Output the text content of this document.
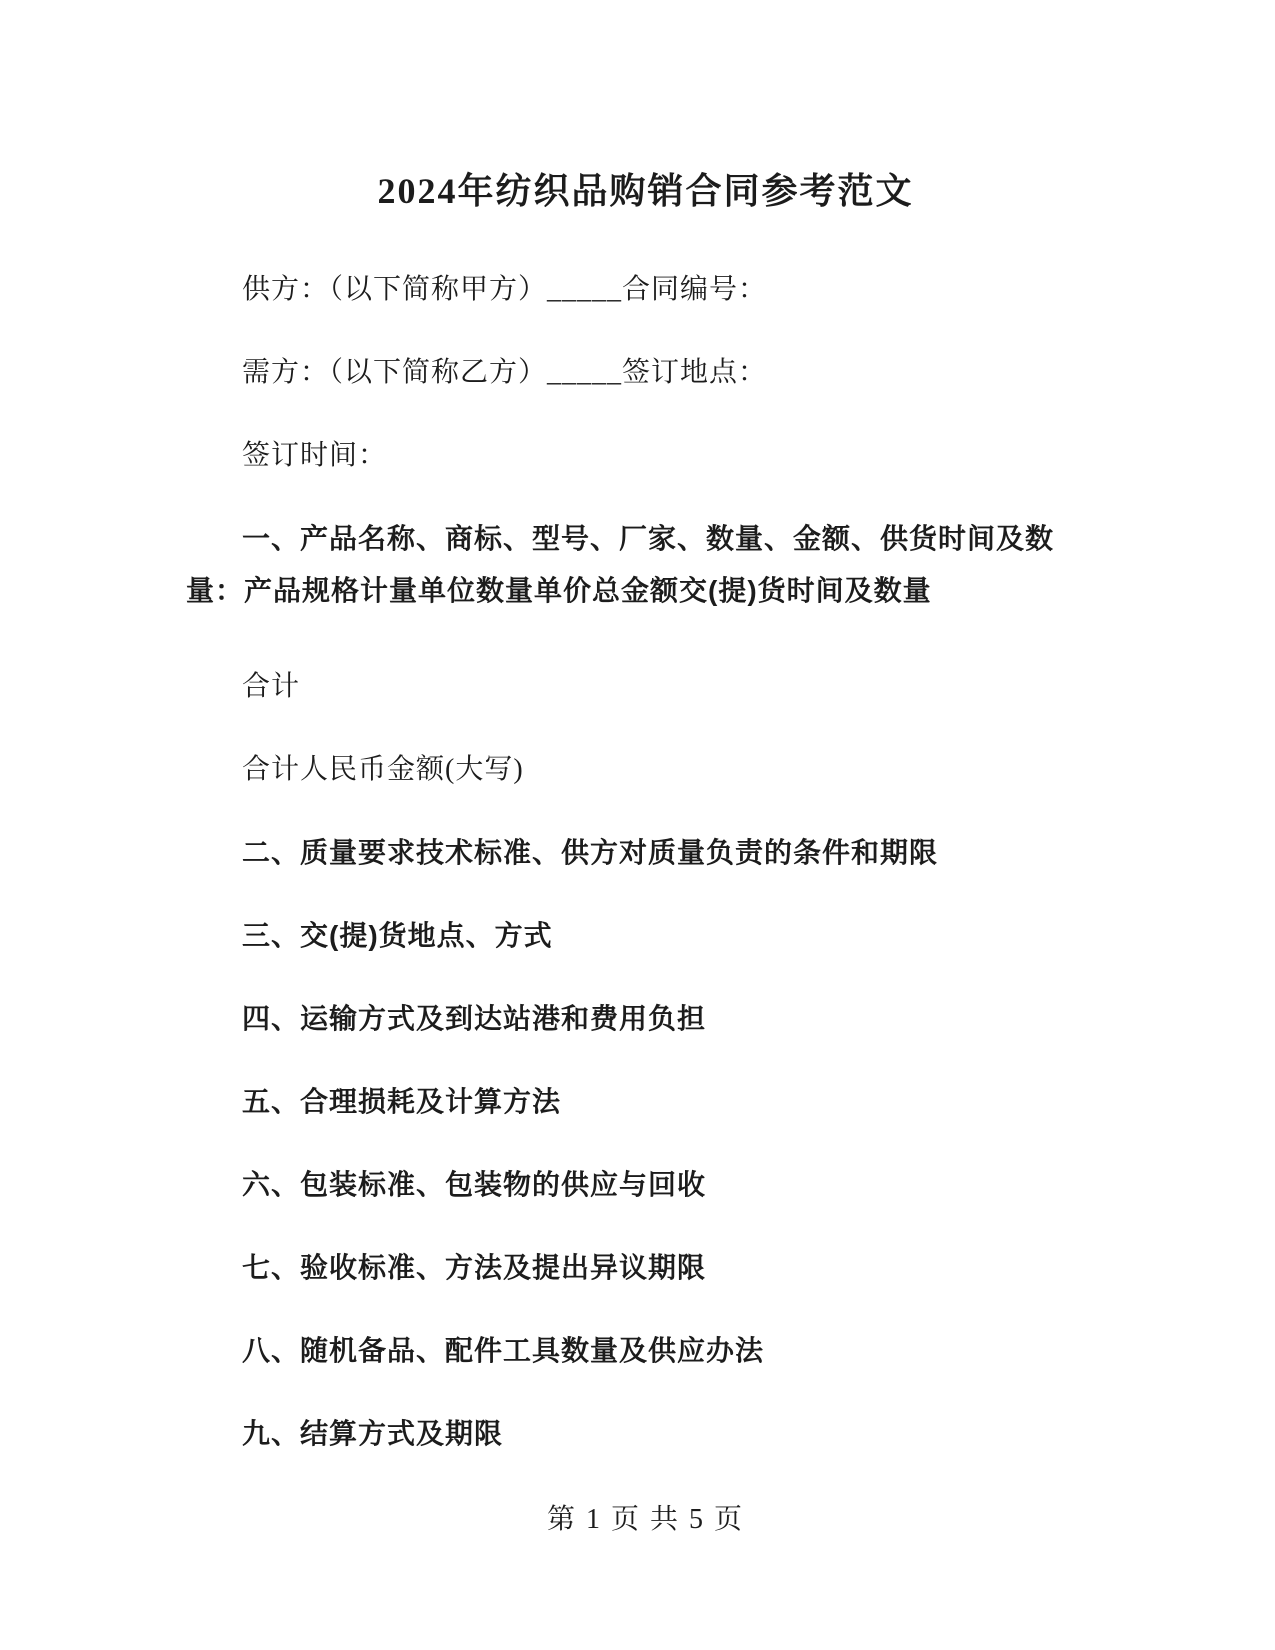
2024年纺织品购销合同参考范文

供方：（以下简称甲方）_____合同编号：

需方：（以下简称乙方）_____签订地点：

签订时间：

一、产品名称、商标、型号、厂家、数量、金额、供货时间及数量：产品规格计量单位数量单价总金额交(提)货时间及数量

合计

合计人民币金额(大写)

二、质量要求技术标准、供方对质量负责的条件和期限

三、交(提)货地点、方式

四、运输方式及到达站港和费用负担

五、合理损耗及计算方法

六、包装标准、包装物的供应与回收

七、验收标准、方法及提出异议期限

八、随机备品、配件工具数量及供应办法

九、结算方式及期限

第 1 页 共 5 页
